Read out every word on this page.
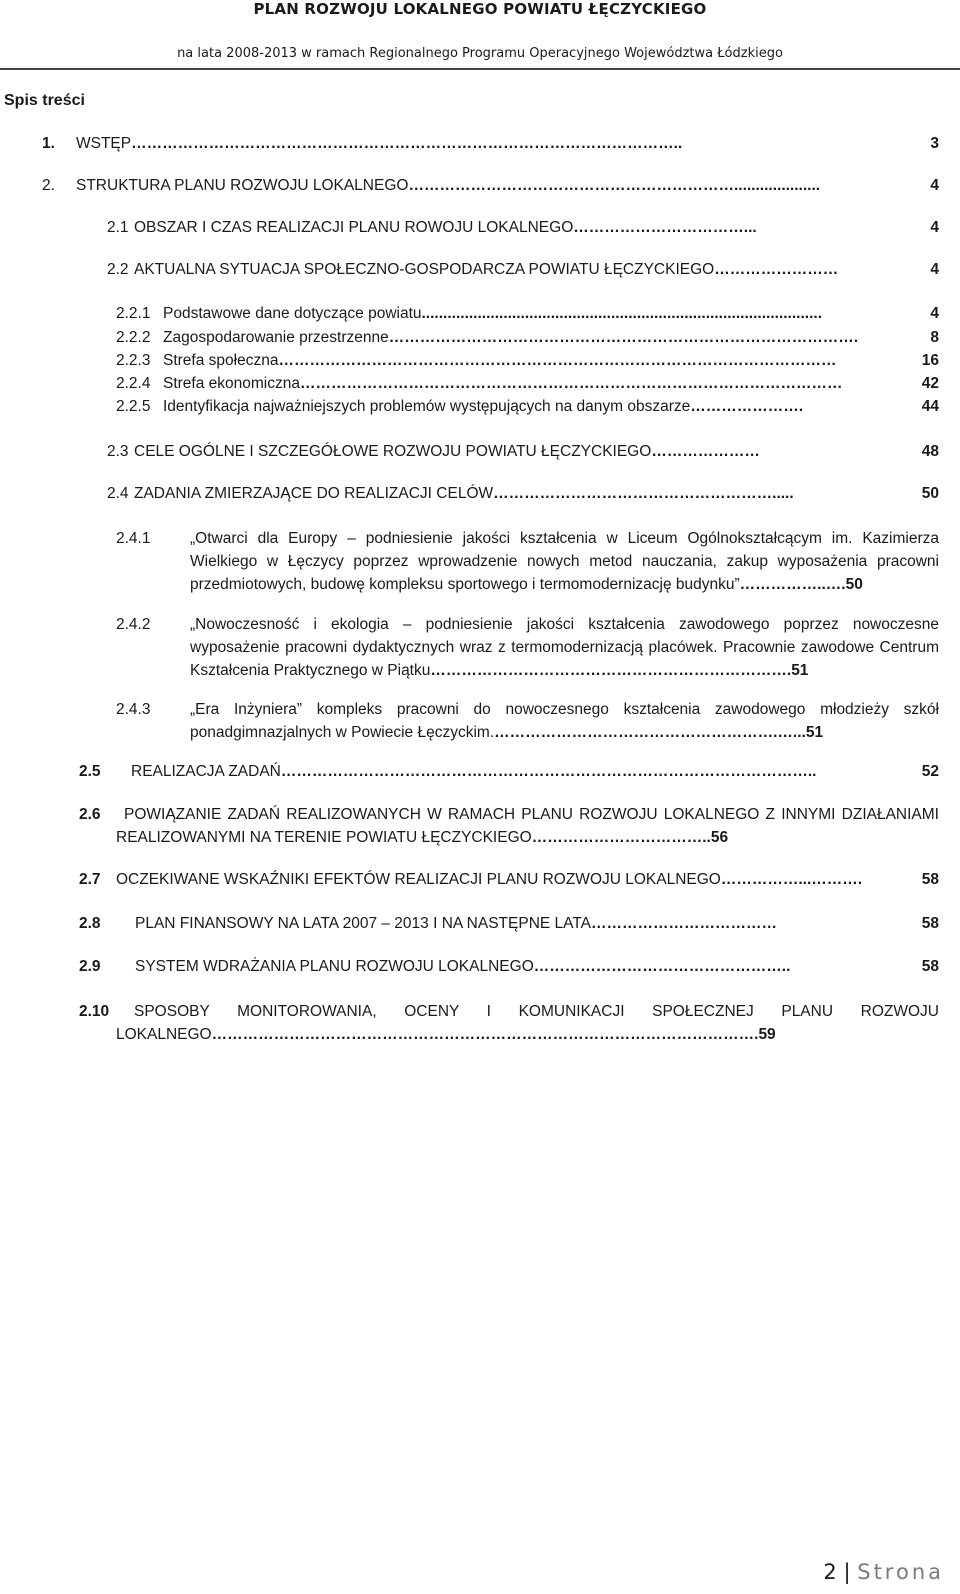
PLAN ROZWOJU LOKALNEGO POWIATU ŁĘCZYCKIEGO
na lata 2008-2013 w ramach Regionalnego Programu Operacyjnego Województwa Łódzkiego
Spis treści
1. WSTĘP……………………………………………………………………………………………..	3
2. STRUKTURA PLANU ROZWOJU LOKALNEGO………………………………………………………....................	4
2.1 OBSZAR I CZAS REALIZACJI PLANU ROWOJU LOKALNEGO……………………………...	4
2.2 AKTUALNA SYTUACJA SPOŁECZNO-GOSPODARCZA POWIATU ŁĘCZYCKIEGO……………………	4
2.2.1 Podstawowe dane dotyczące powiatu.............................................................................................	4
2.2.2 Zagospodarowanie przestrzenne……………………………………………………………………………….	8
2.2.3 Strefa społeczna………………………………………………………………………………………………	16
2.2.4 Strefa ekonomiczna……………………………………………………………………………………………	42
2.2.5 Identyfikacja najważniejszych problemów występujących na danym obszarze………………….	44
2.3 CELE OGÓLNE I SZCZEGÓŁOWE ROZWOJU POWIATU ŁĘCZYCKIEGO…………………	48
2.4 ZADANIA ZMIERZAJĄCE DO REALIZACJI CELÓW……………………………………………….....	50
2.4.1	„Otwarci dla Europy – podniesienie jakości kształcenia w Liceum Ogólnokształcącym im. Kazimierza Wielkiego w Łęczycy poprzez wprowadzenie nowych metod nauczania, zakup wyposażenia pracowni przedmiotowych, budowę kompleksu sportowego i termomodernizację budynku”……………..….50
2.4.2	„Nowoczesność i ekologia – podniesienie jakości kształcenia zawodowego poprzez nowoczesne wyposażenie pracowni dydaktycznych wraz z termomodernizacją placówek. Pracownie zawodowe Centrum Kształcenia Praktycznego w Piątku…………………………………………………………….51
2.4.3	„Era Inżyniera” kompleks pracowni do nowoczesnego kształcenia zawodowego młodzieży szkół ponadgimnazjalnych w Powiecie Łęczyckim.……………………………………………….…...51
2.5 REALIZACJA ZADAŃ…………………………………………………………………………………………..	52
2.6	POWIĄZANIE ZADAŃ REALIZOWANYCH W RAMACH PLANU ROZWOJU LOKALNEGO Z INNYMI DZIAŁANIAMI REALIZOWANYMI NA TERENIE POWIATU ŁĘCZYCKIEGO……………………………..56
2.7 OCZEKIWANE WSKAŹNIKI EFEKTÓW REALIZACJI PLANU ROZWOJU LOKALNEGO……………...……….	58
2.8 PLAN FINANSOWY NA LATA 2007 – 2013 I NA NASTĘPNE LATA………………………………	58
2.9 SYSTEM WDRAŻANIA PLANU ROZWOJU LOKALNEGO…………………………………………..	58
2.10	SPOSOBY MONITOROWANIA, OCENY I KOMUNIKACJI SPOŁECZNEJ PLANU ROZWOJU LOKALNEGO…………………………………………………………………………………………….59
2 | Strona
